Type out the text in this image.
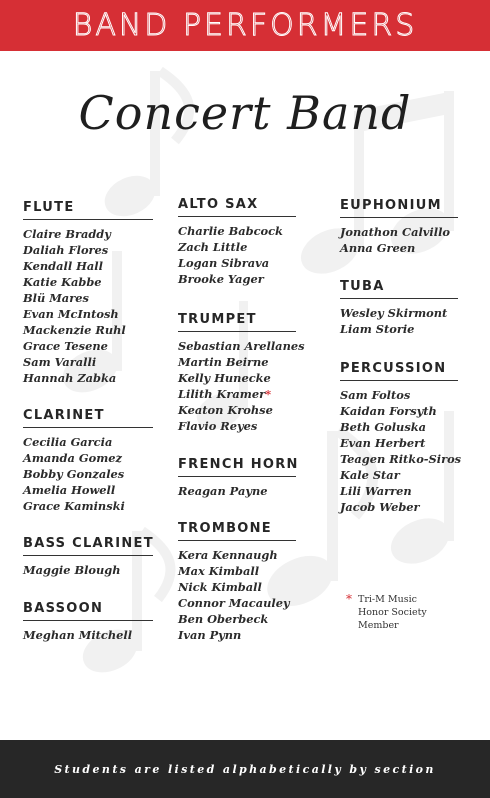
BAND PERFORMERS
Concert Band
FLUTE
Claire Braddy
Daliah Flores
Kendall Hall
Katie Kabbe
Blü Mares
Evan McIntosh
Mackenzie Ruhl
Grace Tesene
Sam Varalli
Hannah Zabka
CLARINET
Cecilia Garcia
Amanda Gomez
Bobby Gonzales
Amelia Howell
Grace Kaminski
BASS CLARINET
Maggie Blough
BASSOON
Meghan Mitchell
ALTO SAX
Charlie Babcock
Zach Little
Logan Sibrava
Brooke Yager
TRUMPET
Sebastian Arellanes
Martin Beirne
Kelly Hunecke
Lilith Kramer*
Keaton Krohse
Flavio Reyes
FRENCH HORN
Reagan Payne
TROMBONE
Kera Kennaugh
Max Kimball
Nick Kimball
Connor Macauley
Ben Oberbeck
Ivan Pynn
EUPHONIUM
Jonathon Calvillo
Anna Green
TUBA
Wesley Skirmont
Liam Storie
PERCUSSION
Sam Foltos
Kaidan Forsyth
Beth Goluska
Evan Herbert
Teagen Ritko-Siros
Kale Star
Lili Warren
Jacob Weber
* Tri-M Music Honor Society Member
Students are listed alphabetically by section
